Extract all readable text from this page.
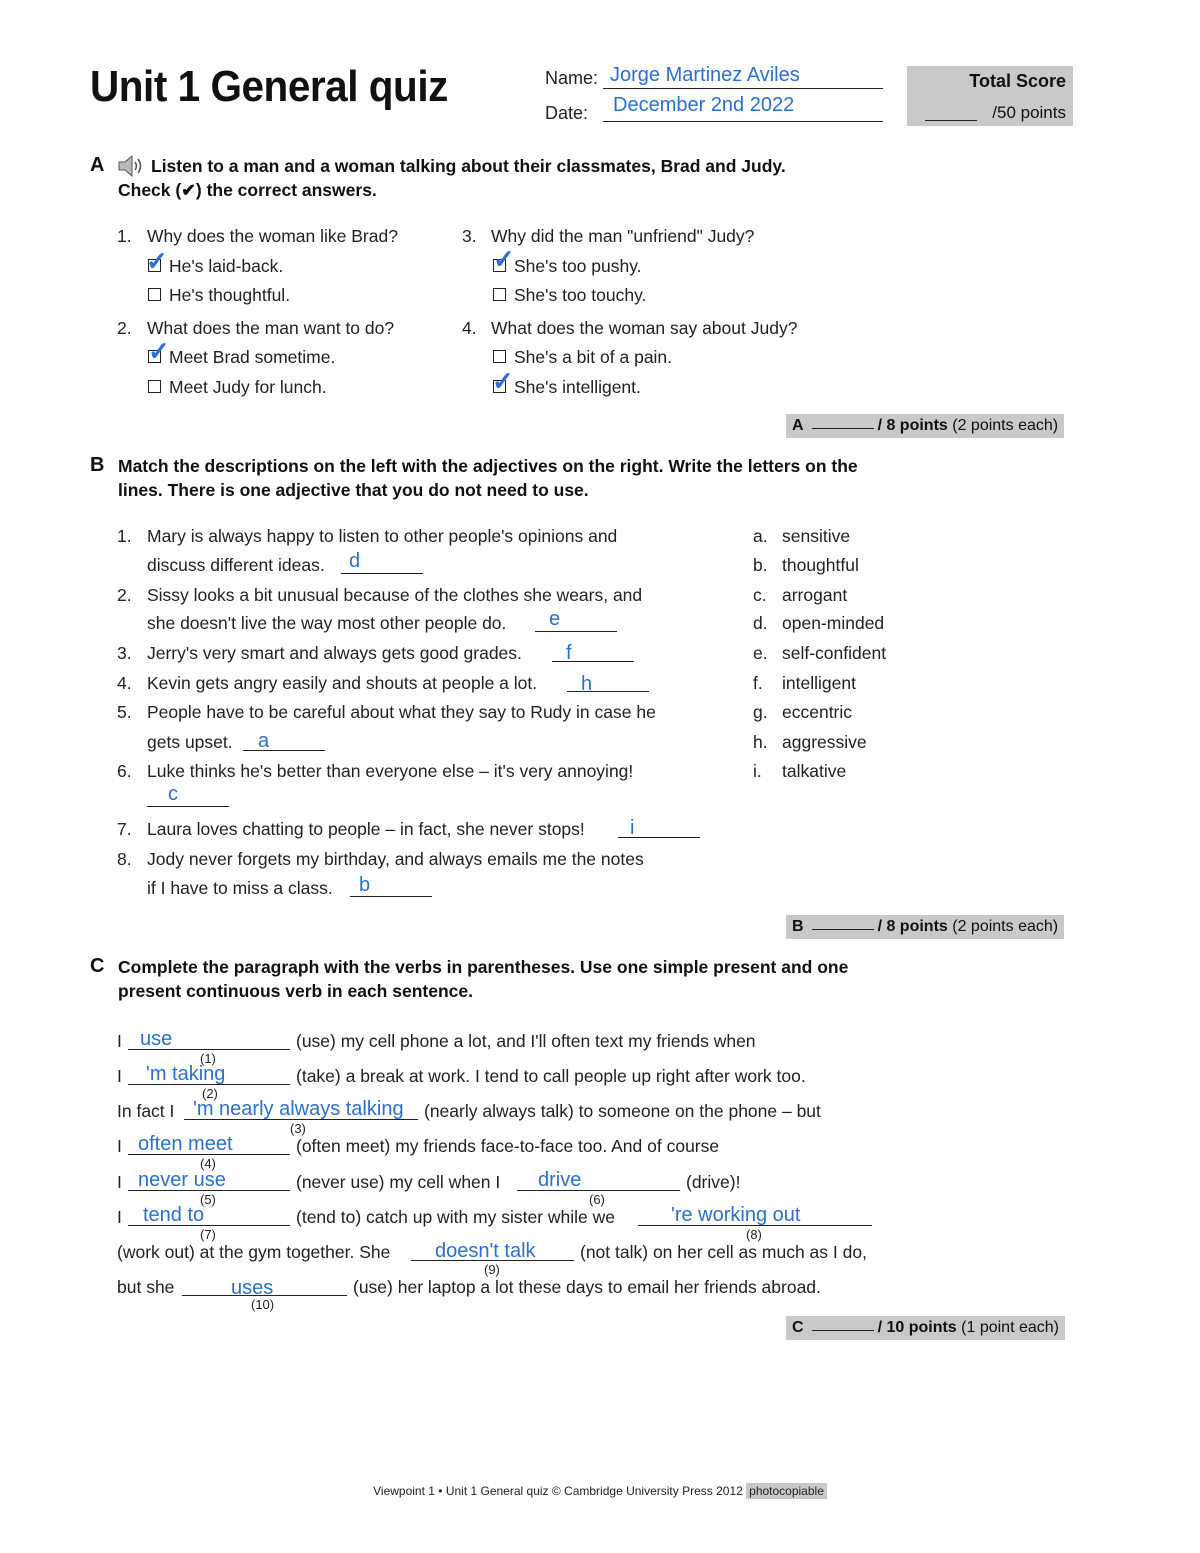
Unit 1 General quiz	Name: Jorge Martinez Aviles
Date: December 2nd 2022
Total Score
/50 points
A	Listen to a man and a woman talking about their classmates, Brad and Judy.
Check (✔) the correct answers.
1. Why does the woman like Brad?
✓ He's laid-back.
He's thoughtful.
2. What does the man want to do?
✓ Meet Brad sometime.
Meet Judy for lunch.
3. Why did the man "unfriend" Judy?
✓ She's too pushy.
She's too touchy.
4. What does the woman say about Judy?
She's a bit of a pain.
✓ She's intelligent.
A	/ 8 points (2 points each)
B Match the descriptions on the left with the adjectives on the right. Write the letters on the
lines. There is one adjective that you do not need to use.
1. Mary is always happy to listen to other people's opinions and
discuss different ideas. d
2. Sissy looks a bit unusual because of the clothes she wears, and
she doesn't live the way most other people do. e
3. Jerry's very smart and always gets good grades. f
4. Kevin gets angry easily and shouts at people a lot. h
5. People have to be careful about what they say to Rudy in case he
gets upset. a
6. Luke thinks he's better than everyone else – it's very annoying!
c
7. Laura loves chatting to people – in fact, she never stops! i
8. Jody never forgets my birthday, and always emails me the notes
if I have to miss a class. b
a. sensitive
b. thoughtful
c. arrogant
d. open-minded
e. self-confident
f. intelligent
g. eccentric
h. aggressive
i. talkative
B	/ 8 points (2 points each)
C Complete the paragraph with the verbs in parentheses. Use one simple present and one
present continuous verb in each sentence.
I use
(1)
(use) my cell phone a lot, and I'll often text my friends when
I 'm taking
(2)
(take) a break at work. I tend to call people up right after work too.
In fact I 'm nearly always talking
(3)
(nearly always talk) to someone on the phone – but
I often meet
(4)
(often meet) my friends face-to-face too. And of course
I never use
(5)
(never use) my cell when I drive
(6)
(drive)!
I tend to
(7)
(tend to) catch up with my sister while we	're working out
(8)
(work out) at the gym together. She doesn't talk
(9)
(not talk) on her cell as much as I do,
but she	uses
(10)
(use) her laptop a lot these days to email her friends abroad.
C	/ 10 points (1 point each)
Viewpoint 1 • Unit 1 General quiz © Cambridge University Press 2012 photocopiable
